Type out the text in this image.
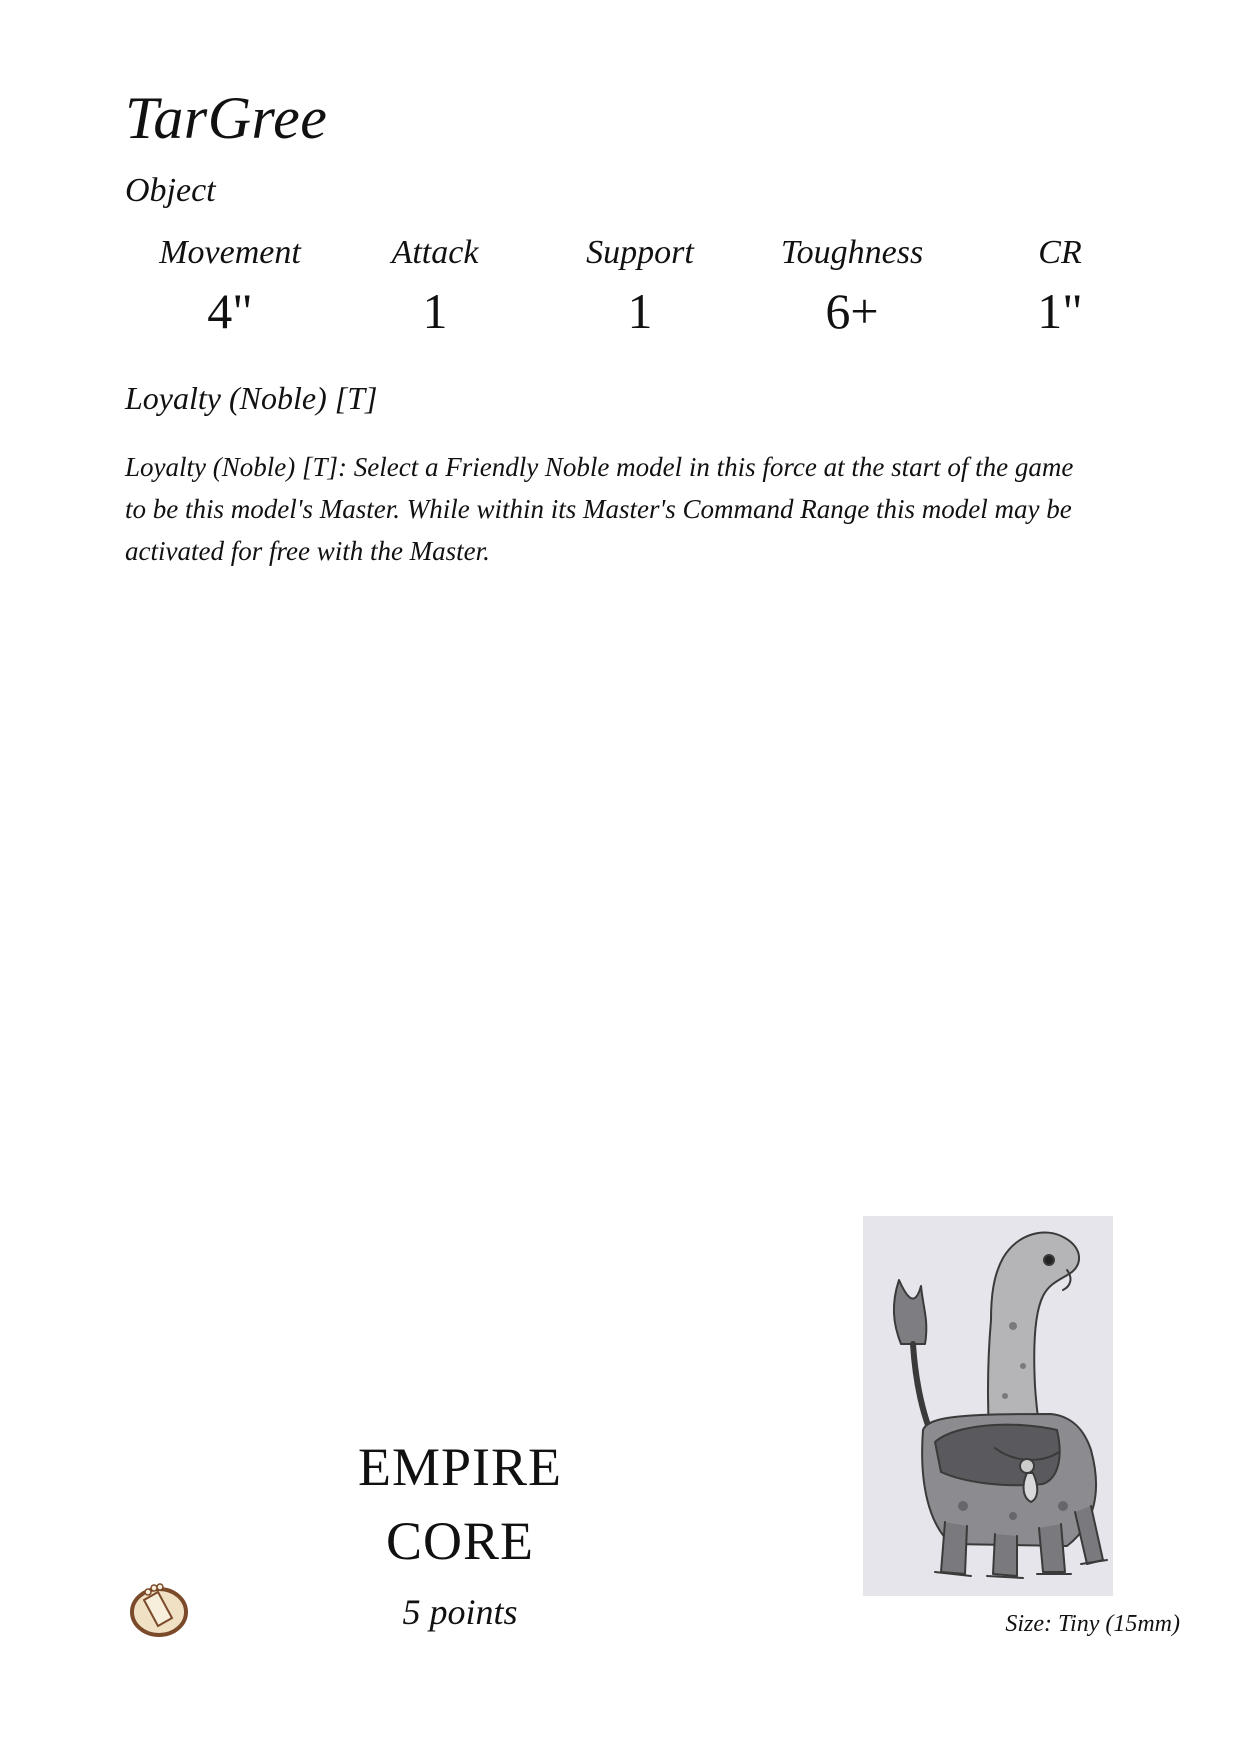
TarGree
Object
Movement
4"
Attack
1
Support
1
Toughness
6+
CR
1"
Loyalty (Noble) [T]
Loyalty (Noble) [T]: Select a Friendly Noble model in this force at the start of the game to be this model's Master. While within its Master's Command Range this model may be activated for free with the Master.
EMPIRE
CORE
5 points	Size: Tiny (15mm)
